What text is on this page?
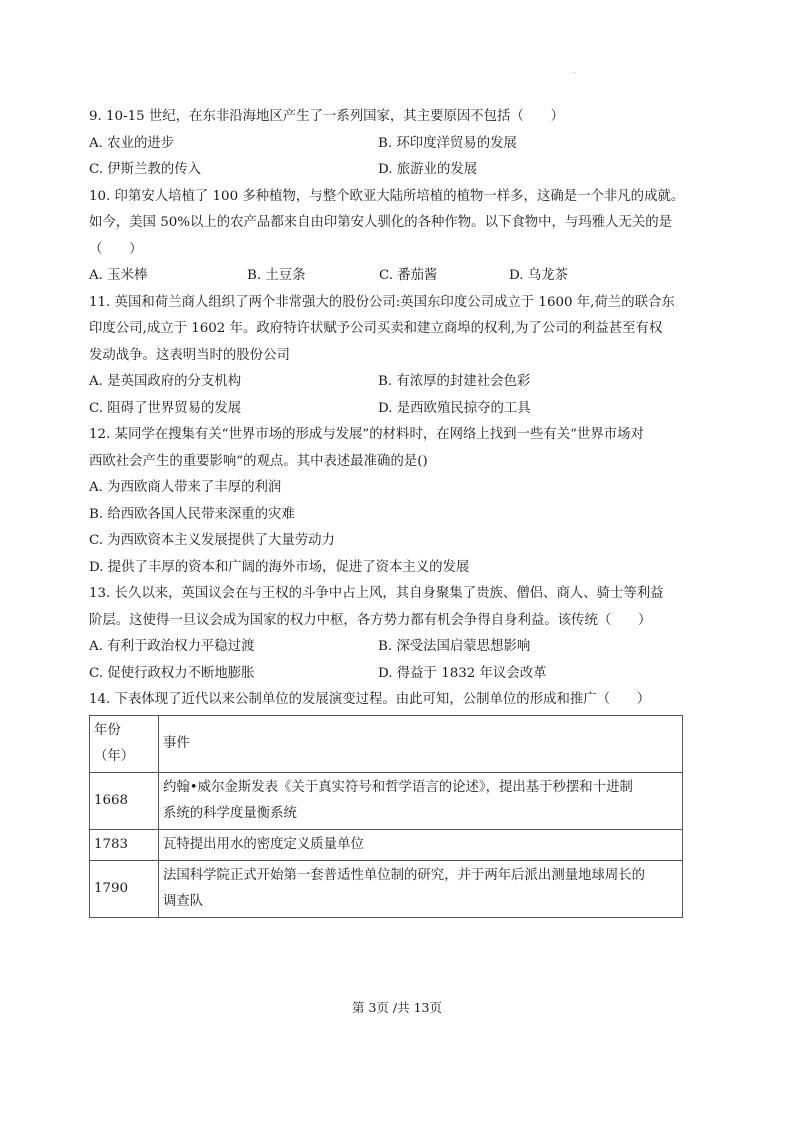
.
9. 10-15 世纪，在东非沿海地区产生了一系列国家，其主要原因不包括（　　）
A. 农业的进步	B. 环印度洋贸易的发展
C. 伊斯兰教的传入	D. 旅游业的发展
10. 印第安人培植了 100 多种植物，与整个欧亚大陆所培植的植物一样多，这确是一个非凡的成就。
如今，美国 50%以上的农产品都来自由印第安人驯化的各种作物。以下食物中，与玛雅人无关的是
（　　）
A. 玉米棒	B. 土豆条	C. 番茄酱	D. 乌龙茶
11. 英国和荷兰商人组织了两个非常强大的股份公司:英国东印度公司成立于 1600 年,荷兰的联合东
印度公司,成立于 1602 年。政府特许状赋予公司买卖和建立商埠的权利,为了公司的利益甚至有权
发动战争。这表明当时的股份公司
A. 是英国政府的分支机构	B. 有浓厚的封建社会色彩
C. 阻碍了世界贸易的发展	D. 是西欧殖民掠夺的工具
12. 某同学在搜集有关“世界市场的形成与发展”的材料时，在网络上找到一些有关“世界市场对
西欧社会产生的重要影响”的观点。其中表述最准确的是()
A. 为西欧商人带来了丰厚的利润
B. 给西欧各国人民带来深重的灾难
C. 为西欧资本主义发展提供了大量劳动力
D. 提供了丰厚的资本和广阔的海外市场，促进了资本主义的发展
13. 长久以来，英国议会在与王权的斗争中占上风，其自身聚集了贵族、僧侣、商人、骑士等利益
阶层。这使得一旦议会成为国家的权力中枢，各方势力都有机会争得自身利益。该传统（　　）
A. 有利于政治权力平稳过渡	B. 深受法国启蒙思想影响
C. 促使行政权力不断地膨胀	D. 得益于 1832 年议会改革
14. 下表体现了近代以来公制单位的发展演变过程。由此可知，公制单位的形成和推广（　　）
年份
（年）	事件
1668	约翰•威尔金斯发表《关于真实符号和哲学语言的论述》，提出基于秒摆和十进制
系统的科学度量衡系统

1783	瓦特提出用水的密度定义质量单位

1790	法国科学院正式开始第一套普适性单位制的研究，并于两年后派出测量地球周长的
调查队
第 3页 /共 13页
